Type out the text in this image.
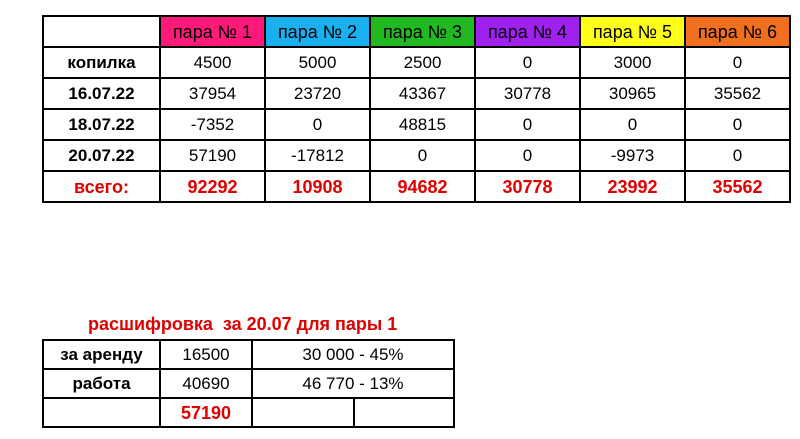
	пара № 1	пара № 2	пара № 3	пара № 4	пара № 5	пара № 6
копилка	4500	5000	2500	0	3000	0
16.07.22	37954	23720	43367	30778	30965	35562
18.07.22	-7352	0	48815	0	0	0
20.07.22	57190	-17812	0	0	-9973	0
всего:	92292	10908	94682	30778	23992	35562
расшифровка  за 20.07 для пары 1
за аренду	16500	30 000 - 45%	
работа	40690	46 770 - 13%	
	57190		
